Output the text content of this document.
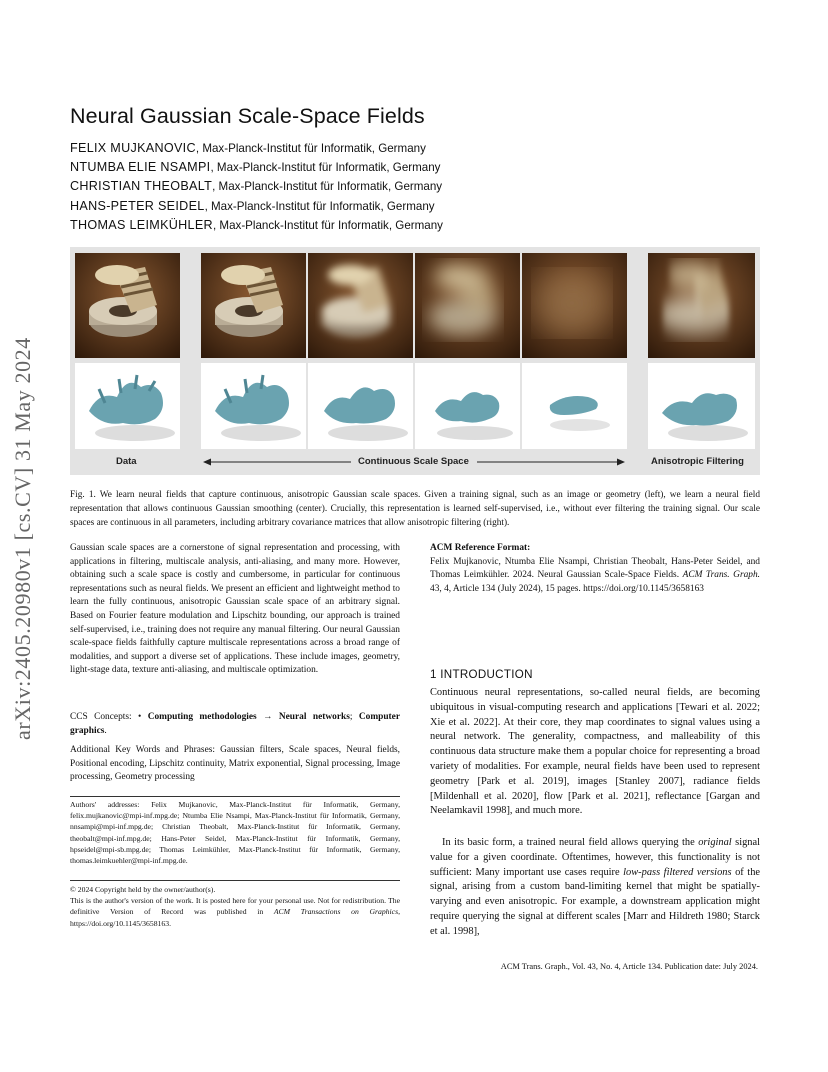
arXiv:2405.20980v1 [cs.CV] 31 May 2024
Neural Gaussian Scale-Space Fields
FELIX MUJKANOVIC, Max-Planck-Institut für Informatik, Germany
NTUMBA ELIE NSAMPI, Max-Planck-Institut für Informatik, Germany
CHRISTIAN THEOBALT, Max-Planck-Institut für Informatik, Germany
HANS-PETER SEIDEL, Max-Planck-Institut für Informatik, Germany
THOMAS LEIMKÜHLER, Max-Planck-Institut für Informatik, Germany
Data	Continuous Scale Space	Anisotropic Filtering
Fig. 1. We learn neural fields that capture continuous, anisotropic Gaussian scale spaces. Given a training signal, such as an image or geometry (left), we learn a neural field representation that allows continuous Gaussian smoothing (center). Crucially, this representation is learned self-supervised, i.e., without ever filtering the training signal. Our scale spaces are continuous in all parameters, including arbitrary covariance matrices that allow anisotropic filtering (right).
Gaussian scale spaces are a cornerstone of signal representation and processing, with applications in filtering, multiscale analysis, anti-aliasing, and many more. However, obtaining such a scale space is costly and cumbersome, in particular for continuous representations such as neural fields. We present an efficient and lightweight method to learn the fully continuous, anisotropic Gaussian scale space of an arbitrary signal. Based on Fourier feature modulation and Lipschitz bounding, our approach is trained self-supervised, i.e., training does not require any manual filtering. Our neural Gaussian scale-space fields faithfully capture multiscale representations across a broad range of modalities, and support a diverse set of applications. These include images, geometry, light-stage data, texture anti-aliasing, and multiscale optimization.
CCS Concepts: • Computing methodologies → Neural networks; Computer graphics.
Additional Key Words and Phrases: Gaussian filters, Scale spaces, Neural fields, Positional encoding, Lipschitz continuity, Matrix exponential, Signal processing, Image processing, Geometry processing
Authors' addresses: Felix Mujkanovic, Max-Planck-Institut für Informatik, Germany, felix.mujkanovic@mpi-inf.mpg.de; Ntumba Elie Nsampi, Max-Planck-Institut für Informatik, Germany, nnsampi@mpi-inf.mpg.de; Christian Theobalt, Max-Planck-Institut für Informatik, Germany, theobalt@mpi-inf.mpg.de; Hans-Peter Seidel, Max-Planck-Institut für Informatik, Germany, hpseidel@mpi-sb.mpg.de; Thomas Leimkühler, Max-Planck-Institut für Informatik, Germany, thomas.leimkuehler@mpi-inf.mpg.de.
© 2024 Copyright held by the owner/author(s).
This is the author's version of the work. It is posted here for your personal use. Not for redistribution. The definitive Version of Record was published in ACM Transactions on Graphics, https://doi.org/10.1145/3658163.
ACM Reference Format:
Felix Mujkanovic, Ntumba Elie Nsampi, Christian Theobalt, Hans-Peter Seidel, and Thomas Leimkühler. 2024. Neural Gaussian Scale-Space Fields. ACM Trans. Graph. 43, 4, Article 134 (July 2024), 15 pages. https://doi.org/10.1145/3658163
1 INTRODUCTION
Continuous neural representations, so-called neural fields, are becoming ubiquitous in visual-computing research and applications [Tewari et al. 2022; Xie et al. 2022]. At their core, they map coordinates to signal values using a neural network. The generality, compactness, and malleability of this continuous data structure make them a popular choice for representing a broad variety of modalities. For example, neural fields have been used to represent geometry [Park et al. 2019], images [Stanley 2007], radiance fields [Mildenhall et al. 2020], flow [Park et al. 2021], reflectance [Gargan and Neelamkavil 1998], and much more.
In its basic form, a trained neural field allows querying the original signal value for a given coordinate. Oftentimes, however, this functionality is not sufficient: Many important use cases require low-pass filtered versions of the signal, arising from a custom band-limiting kernel that might be spatially-varying and even anisotropic. For example, a downstream application might require querying the signal at different scales [Marr and Hildreth 1980; Starck et al. 1998],
ACM Trans. Graph., Vol. 43, No. 4, Article 134. Publication date: July 2024.
